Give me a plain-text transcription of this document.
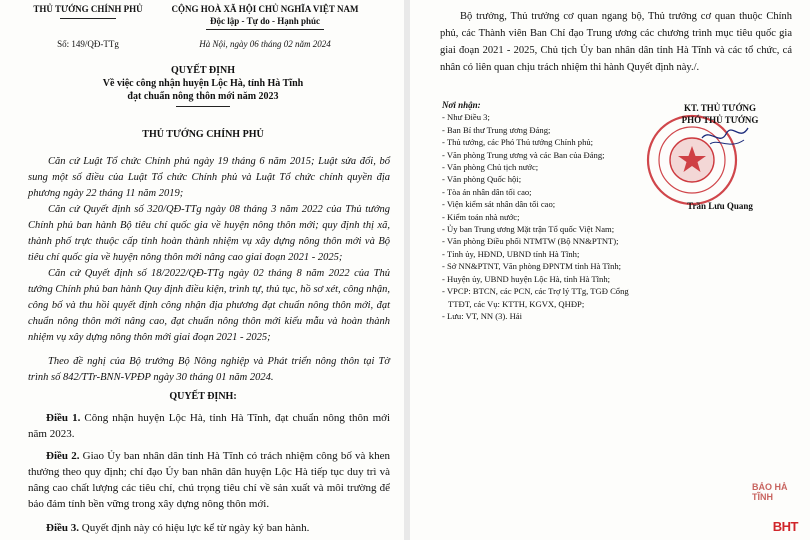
THỦ TƯỚNG CHÍNH PHỦ	CỘNG HOÀ XÃ HỘI CHỦ NGHĨA VIỆT NAM
Độc lập - Tự do - Hạnh phúc
Số: 149/QĐ-TTg	Hà Nội, ngày 06 tháng 02 năm 2024
QUYẾT ĐỊNH
Về việc công nhận huyện Lộc Hà, tỉnh Hà Tĩnh
đạt chuẩn nông thôn mới năm 2023
THỦ TƯỚNG CHÍNH PHỦ
Căn cứ Luật Tổ chức Chính phủ ngày 19 tháng 6 năm 2015; Luật sửa đổi, bổ sung một số điều của Luật Tổ chức Chính phủ và Luật Tổ chức chính quyền địa phương ngày 22 tháng 11 năm 2019;
Căn cứ Quyết định số 320/QĐ-TTg ngày 08 tháng 3 năm 2022 của Thủ tướng Chính phủ ban hành Bộ tiêu chí quốc gia về huyện nông thôn mới; quy định thị xã, thành phố trực thuộc cấp tỉnh hoàn thành nhiệm vụ xây dựng nông thôn mới và Bộ tiêu chí quốc gia về huyện nông thôn mới nâng cao giai đoạn 2021 - 2025;
Căn cứ Quyết định số 18/2022/QĐ-TTg ngày 02 tháng 8 năm 2022 của Thủ tướng Chính phủ ban hành Quy định điều kiện, trình tự, thủ tục, hồ sơ xét, công nhận, công bố và thu hồi quyết định công nhận địa phương đạt chuẩn nông thôn mới, đạt chuẩn nông thôn mới nâng cao, đạt chuẩn nông thôn mới kiểu mẫu và hoàn thành nhiệm vụ xây dựng nông thôn mới giai đoạn 2021 - 2025;
Theo đề nghị của Bộ trưởng Bộ Nông nghiệp và Phát triển nông thôn tại Tờ trình số 842/TTr-BNN-VPĐP ngày 30 tháng 01 năm 2024.
QUYẾT ĐỊNH:
Điều 1. Công nhận huyện Lộc Hà, tỉnh Hà Tĩnh, đạt chuẩn nông thôn mới năm 2023.
Điều 2. Giao Ủy ban nhân dân tỉnh Hà Tĩnh có trách nhiệm công bố và khen thưởng theo quy định; chỉ đạo Ủy ban nhân dân huyện Lộc Hà tiếp tục duy trì và nâng cao chất lượng các tiêu chí, chú trọng tiêu chí về sản xuất và môi trường để bảo đảm tính bền vững trong xây dựng nông thôn mới.
Điều 3. Quyết định này có hiệu lực kể từ ngày ký ban hành.
Bộ trưởng, Thủ trưởng cơ quan ngang bộ, Thủ trưởng cơ quan thuộc Chính phủ, các Thành viên Ban Chỉ đạo Trung ương các chương trình mục tiêu quốc gia giai đoạn 2021 - 2025, Chủ tịch Ủy ban nhân dân tỉnh Hà Tĩnh và các tổ chức, cá nhân có liên quan chịu trách nhiệm thi hành Quyết định này./.
Nơi nhận:
- Như Điều 3;
- Ban Bí thư Trung ương Đảng;
- Thủ tướng, các Phó Thủ tướng Chính phủ;
- Văn phòng Trung ương và các Ban của Đảng;
- Văn phòng Chủ tịch nước;
- Văn phòng Quốc hội;
- Tòa án nhân dân tối cao;
- Viện kiểm sát nhân dân tối cao;
- Kiểm toán nhà nước;
- Ủy ban Trung ương Mặt trận Tổ quốc Việt Nam;
- Văn phòng Điều phối NTMTW (Bộ NN&PTNT);
- Tỉnh ủy, HĐND, UBND tỉnh Hà Tĩnh;
- Sở NN&PTNT, Văn phòng ĐPNTM tỉnh Hà Tĩnh;
- Huyện ủy, UBND huyện Lộc Hà, tỉnh Hà Tĩnh;
- VPCP: BTCN, các PCN, các Trợ lý TTg, TGĐ Cổng
TTĐT, các Vụ: KTTH, KGVX, QHĐP;
- Lưu: VT, NN (3). Hải
KT. THỦ TƯỚNG
PHÓ THỦ TƯỚNG
Trần Lưu Quang
BÁO HÀ TĨNH
BHT
